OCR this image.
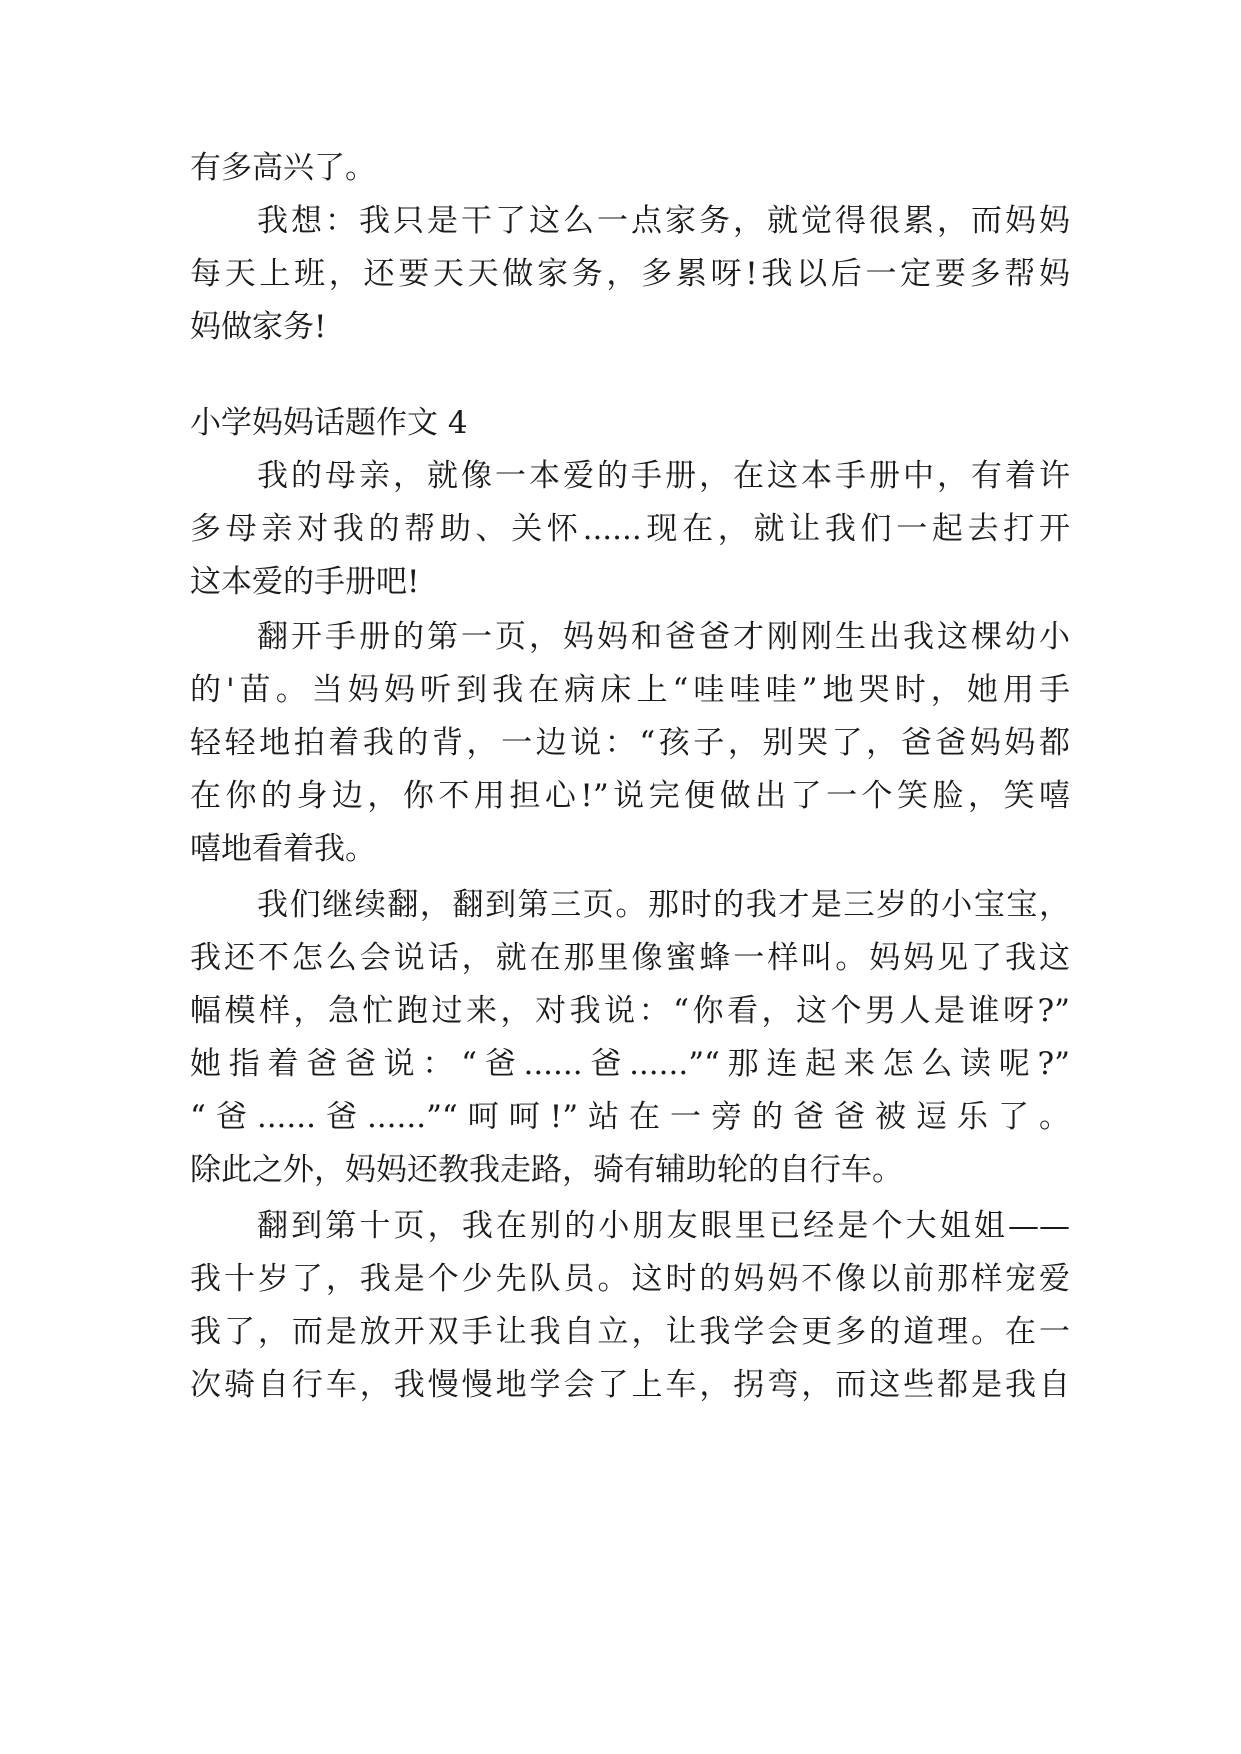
有多高兴了。
我想：我只是干了这么一点家务，就觉得很累，而妈妈
每天上班，还要天天做家务，多累呀!我以后一定要多帮妈
妈做家务!
小学妈妈话题作文 4
我的母亲，就像一本爱的手册，在这本手册中，有着许
多母亲对我的帮助、关怀......现在，就让我们一起去打开
这本爱的手册吧!
翻开手册的第一页，妈妈和爸爸才刚刚生出我这棵幼小
的'苗。当妈妈听到我在病床上“哇哇哇”地哭时，她用手
轻轻地拍着我的背，一边说：“孩子，别哭了，爸爸妈妈都
在你的身边，你不用担心!”说完便做出了一个笑脸，笑嘻
嘻地看着我。
我们继续翻，翻到第三页。那时的我才是三岁的小宝宝，
我还不怎么会说话，就在那里像蜜蜂一样叫。妈妈见了我这
幅模样，急忙跑过来，对我说：“你看，这个男人是谁呀?”
她指着爸爸说：“爸......爸......”“那连起来怎么读呢?”
“爸......爸......”“呵呵!”站在一旁的爸爸被逗乐了。
除此之外，妈妈还教我走路，骑有辅助轮的自行车。
翻到第十页，我在别的小朋友眼里已经是个大姐姐——
我十岁了，我是个少先队员。这时的妈妈不像以前那样宠爱
我了，而是放开双手让我自立，让我学会更多的道理。在一
次骑自行车，我慢慢地学会了上车，拐弯，而这些都是我自
